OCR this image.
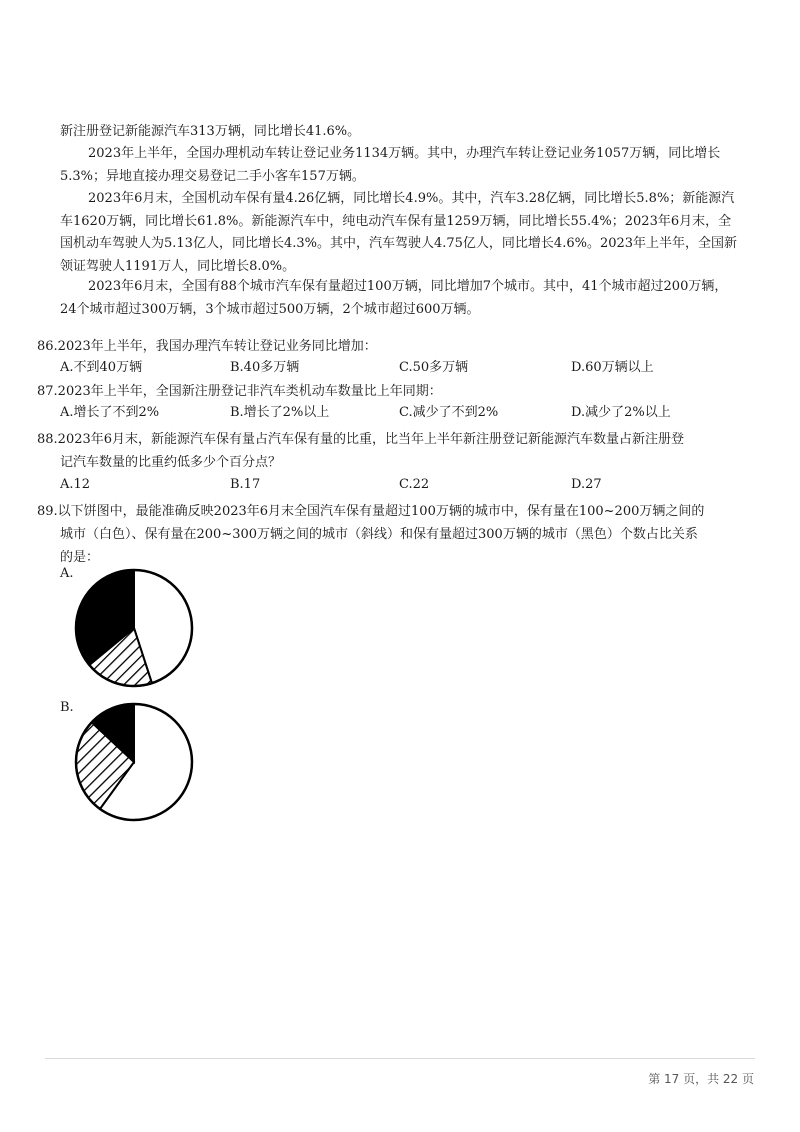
新注册登记新能源汽车313万辆，同比增长41.6%。

2023年上半年，全国办理机动车转让登记业务1134万辆。其中，办理汽车转让登记业务1057万辆，同比增长5.3%；异地直接办理交易登记二手小客车157万辆。

2023年6月末，全国机动车保有量4.26亿辆，同比增长4.9%。其中，汽车3.28亿辆，同比增长5.8%；新能源汽车1620万辆，同比增长61.8%。新能源汽车中，纯电动汽车保有量1259万辆，同比增长55.4%；2023年6月末，全国机动车驾驶人为5.13亿人，同比增长4.3%。其中，汽车驾驶人4.75亿人，同比增长4.6%。2023年上半年，全国新领证驾驶人1191万人，同比增长8.0%。

2023年6月末，全国有88个城市汽车保有量超过100万辆，同比增加7个城市。其中，41个城市超过200万辆，24个城市超过300万辆，3个城市超过500万辆，2个城市超过600万辆。

86.2023年上半年，我国办理汽车转让登记业务同比增加：

A.不到40万辆	B.40多万辆	C.50多万辆	D.60万辆以上

87.2023年上半年，全国新注册登记非汽车类机动车数量比上年同期：

A.增长了不到2%	B.增长了2%以上	C.减少了不到2%	D.减少了2%以上

88.2023年6月末，新能源汽车保有量占汽车保有量的比重，比当年上半年新注册登记新能源汽车数量占新注册登

记汽车数量的比重约低多少个百分点？

A.12	B.17	C.22	D.27

89.以下饼图中，最能准确反映2023年6月末全国汽车保有量超过100万辆的城市中，保有量在100~200万辆之间的

城市（白色）、保有量在200~300万辆之间的城市（斜线）和保有量超过300万辆的城市（黑色）个数占比关系

的是：

A.
B.
第 17 页，共 22 页
